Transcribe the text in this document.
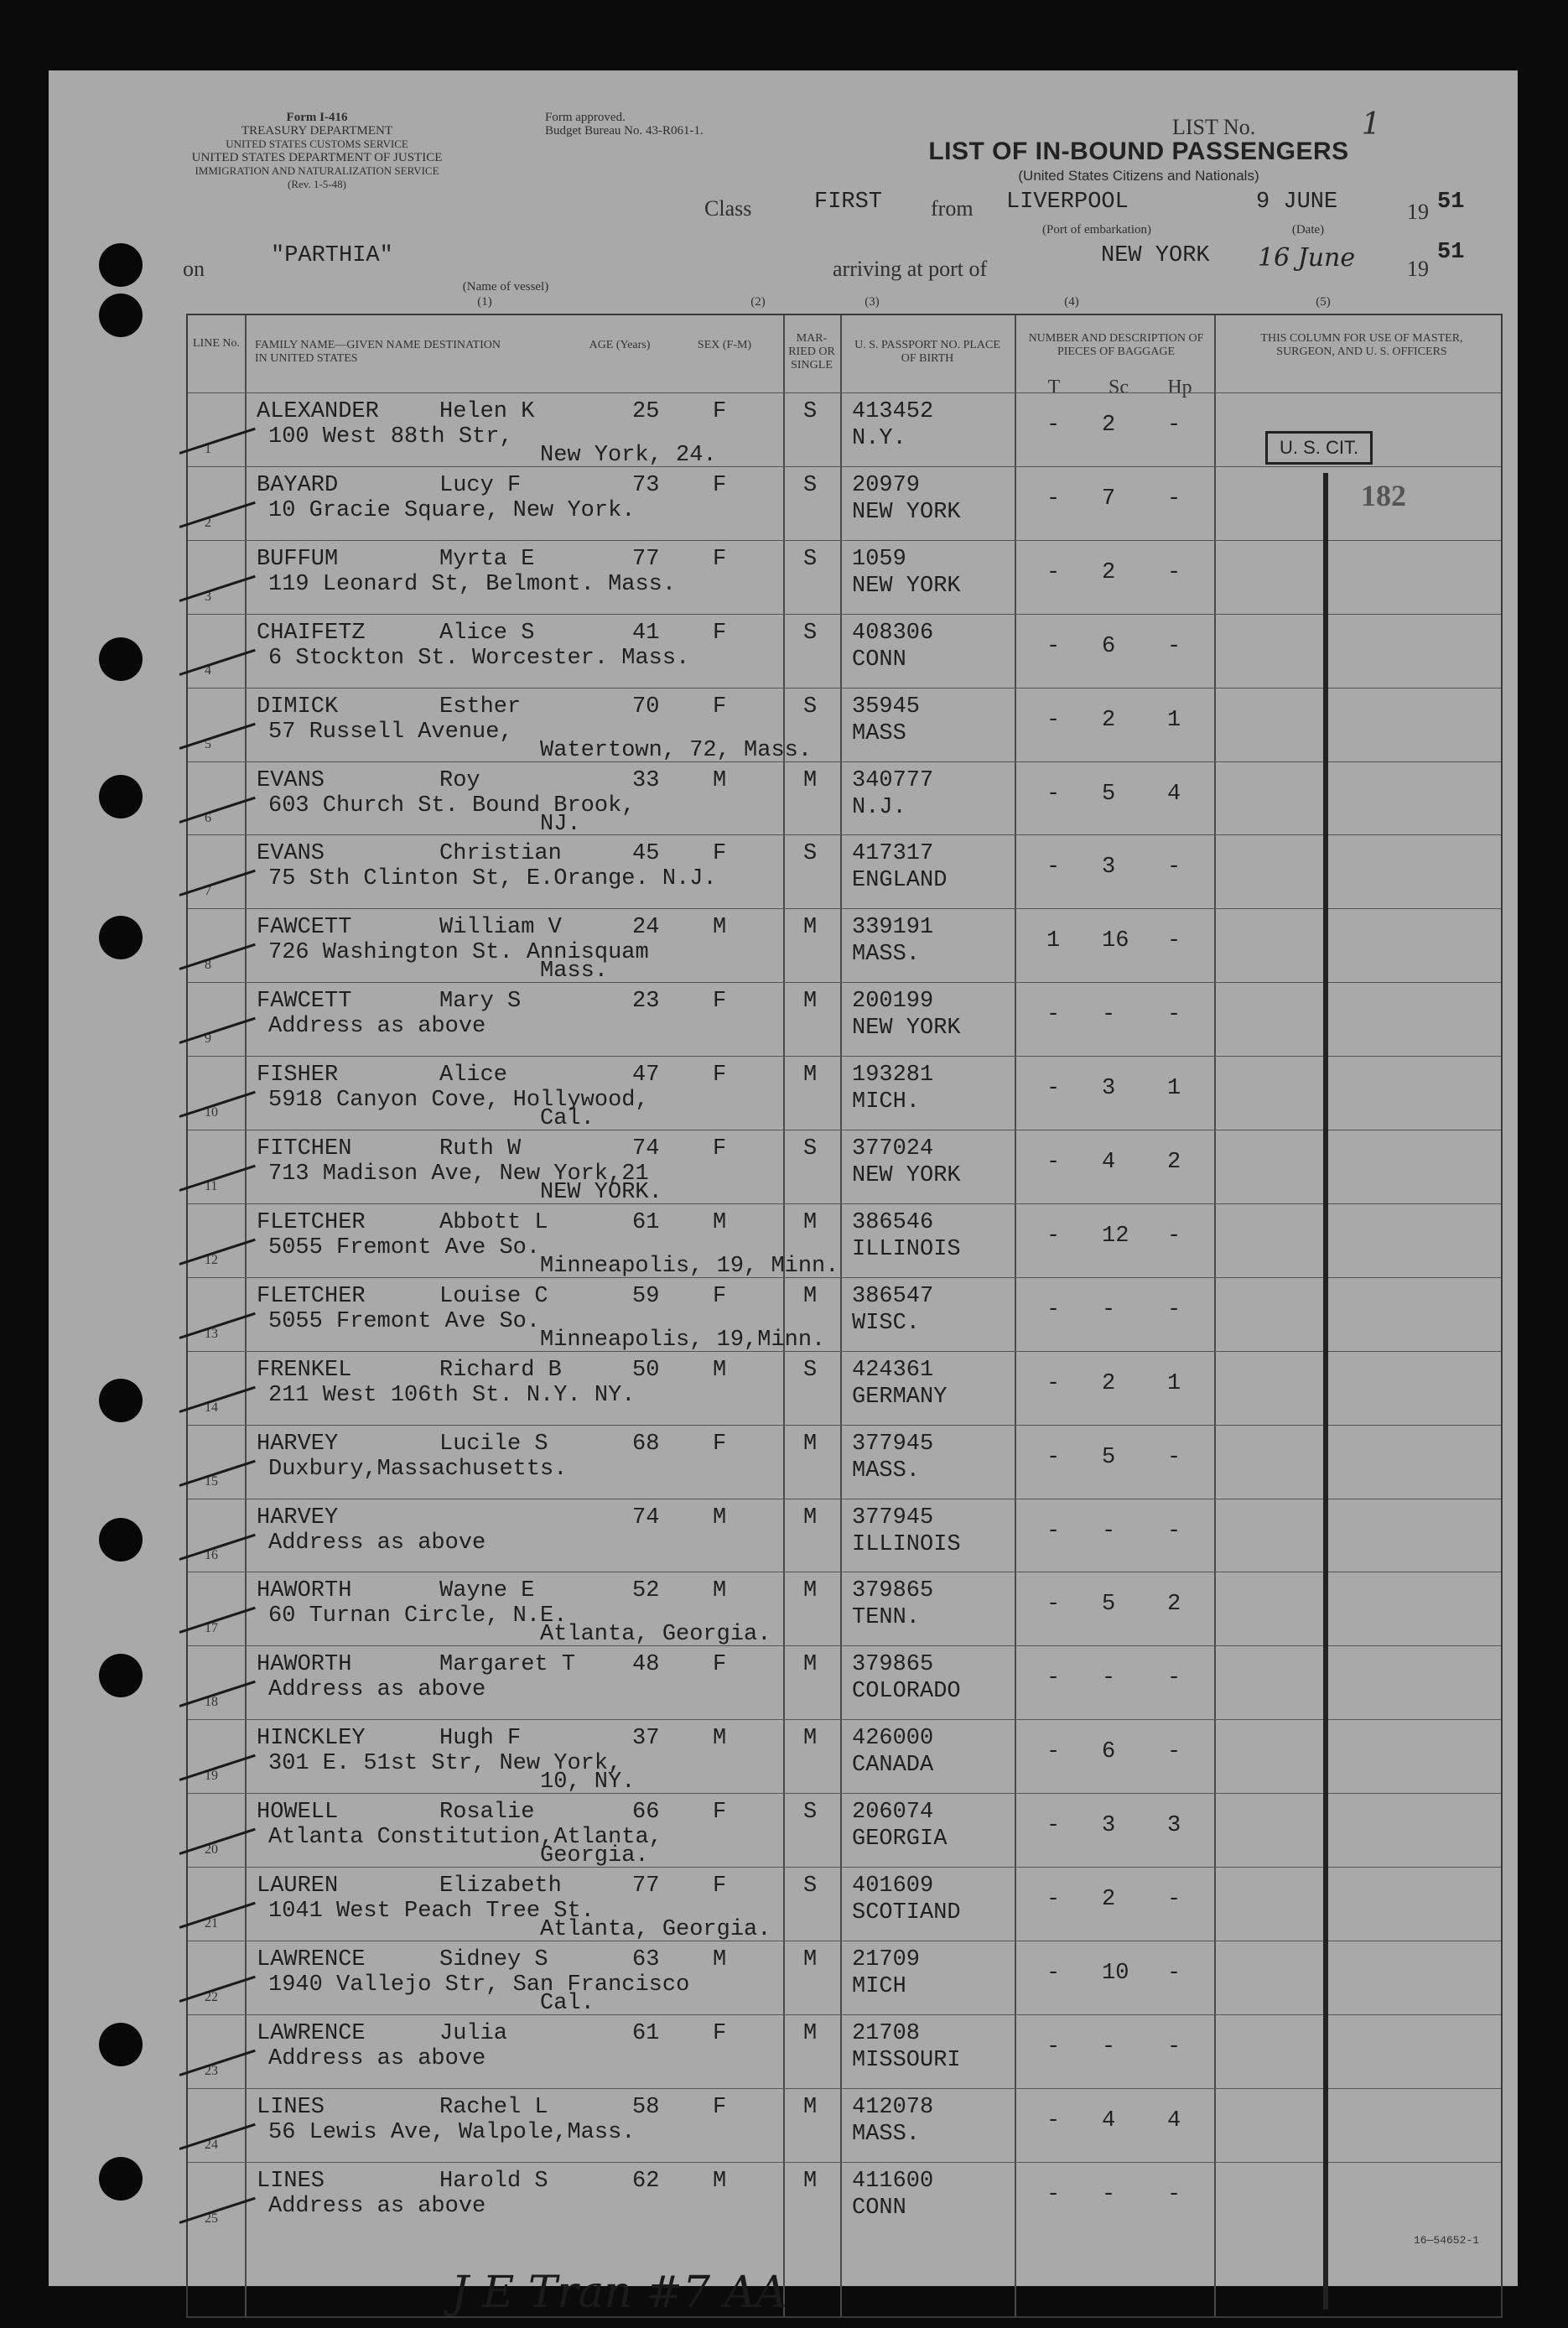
Form I-416
TREASURY DEPARTMENT
UNITED STATES CUSTOMS SERVICE
UNITED STATES DEPARTMENT OF JUSTICE
IMMIGRATION AND NATURALIZATION SERVICE
(Rev. 1-5-48)
Form approved.
Budget Bureau No. 43-R061-1.	LIST No.	1
LIST OF IN-BOUND PASSENGERS
(United States Citizens and Nationals)
Class	FIRST from LIVERPOOL
(Port of embarkation)
9 JUNE
(Date)
19 51
on
"PARTHIA"
(Name of vessel)
(1)
arriving at port of
NEW YORK 16 June 19
51
(2)	(3)	(4)	(5)
LINE No. FAMILY NAME—GIVEN NAME DESTINATION IN UNITED STATES
AGE (Years)	SEX (F-M)
MAR-RIED OR SINGLE
U. S. PASSPORT NO. PLACE OF BIRTH
NUMBER AND DESCRIPTION OF PIECES OF BAGGAGE
T	Sc	Hp
THIS COLUMN FOR USE OF MASTER, SURGEON, AND U. S. OFFICERS
1
ALEXANDER	Helen K	25 F
100 West 88th Str,
New York, 24.
S 413452
N.Y.
- 2 -
2
BAYARD	Lucy F	73 F
10 Gracie Square, New York.
S 20979
NEW YORK
- 7 -
3
BUFFUM	Myrta E	77 F
119 Leonard St, Belmont. Mass.
S 1059
NEW YORK
- 2 -
4
CHAIFETZ	Alice S	41 F
6 Stockton St. Worcester. Mass.
S 408306
CONN
- 6 -
5
DIMICK	Esther	70 F
57 Russell Avenue,
Watertown, 72, Mass.
S 35945
MASS
- 2 1
6
EVANS	Roy	33 M
603 Church St. Bound Brook,
NJ.
M 340777
N.J.
- 5 4
7
EVANS	Christian	45 F
75 Sth Clinton St, E.Orange. N.J.
S 417317
ENGLAND
- 3 -
8
FAWCETT	William V	24 M
726 Washington St. Annisquam
Mass.
M 339191
MASS.
1 16 -
9
FAWCETT	Mary S	23 F
Address as above
M 200199
NEW YORK
- - -
10
FISHER	Alice	47 F
5918 Canyon Cove, Hollywood,
Cal.
M 193281
MICH.
- 3 1
11
FITCHEN	Ruth W	74 F
713 Madison Ave, New York,21
NEW YORK.
S 377024
NEW YORK
- 4 2
12
FLETCHER	Abbott L	61 M
5055 Fremont Ave So.
Minneapolis, 19, Minn.
M 386546
ILLINOIS
- 12 -
13
FLETCHER	Louise C	59 F
5055 Fremont Ave So.
Minneapolis, 19,Minn.
M 386547
WISC.
- - -
14
FRENKEL	Richard B	50 M
211 West 106th St. N.Y. NY.
S 424361
GERMANY
- 2 1
15
HARVEY	Lucile S	68 F
Duxbury,Massachusetts.
M 377945
MASS.
- 5 -
16
HARVEY	74 M
Address as above
M 377945
ILLINOIS
- - -
17
HAWORTH	Wayne E	52 M
60 Turnan Circle, N.E.
Atlanta, Georgia.
M 379865
TENN.
- 5 2
18
HAWORTH	Margaret T	48 F
Address as above
M 379865
COLORADO
- - -
19
HINCKLEY	Hugh F	37 M
301 E. 51st Str, New York,
10, NY.
M 426000
CANADA
- 6 -
20
HOWELL	Rosalie	66 F
Atlanta Constitution,Atlanta,
Georgia.
S 206074
GEORGIA
- 3 3
21
LAUREN	Elizabeth	77 F
1041 West Peach Tree St.
Atlanta, Georgia.
S 401609
SCOTIAND
- 2 -
22
LAWRENCE	Sidney S	63 M
1940 Vallejo Str, San Francisco
Cal.
M 21709
MICH
- 10 -
23
LAWRENCE	Julia	61 F
Address as above
M 21708
MISSOURI
- - -
24
LINES	Rachel L	58 F
56 Lewis Ave, Walpole,Mass.
M 412078
MASS.
- 4 4
25
LINES	Harold S	62 M
Address as above
M 411600
CONN
- - -
U. S. CIT.
182
J E Tran #7 AA
16—54652-1
